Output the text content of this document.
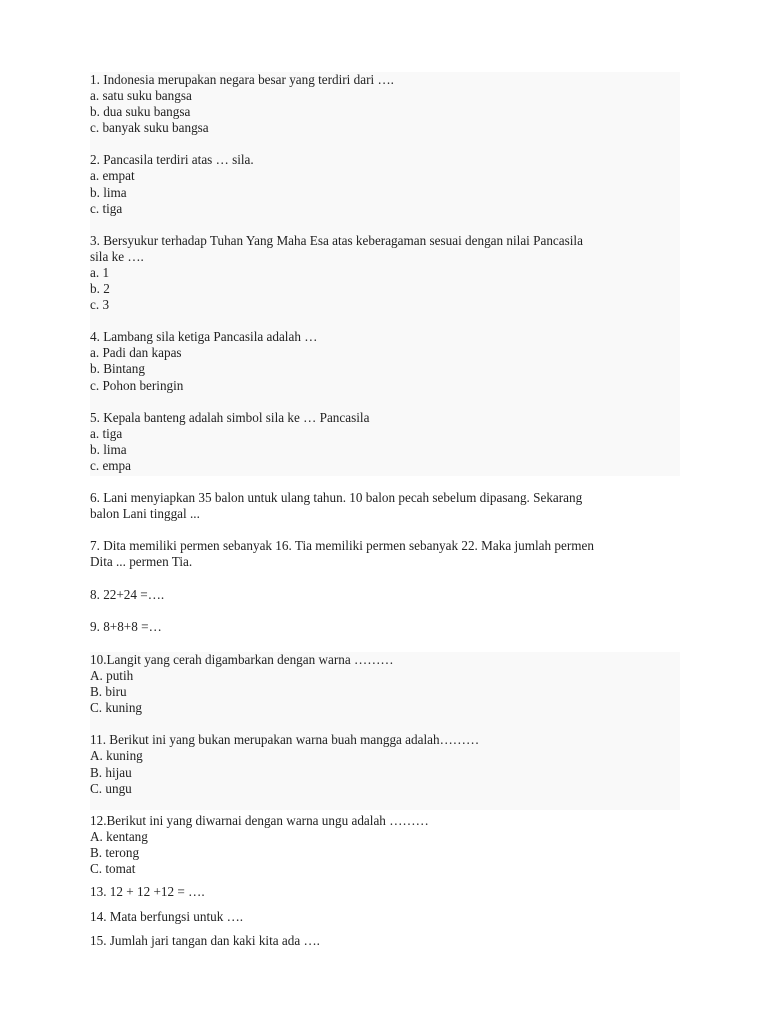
1. Indonesia merupakan negara besar yang terdiri dari ….
a. satu suku bangsa
b. dua suku bangsa
c. banyak suku bangsa
2. Pancasila terdiri atas … sila.
a. empat
b. lima
c. tiga
3. Bersyukur terhadap Tuhan Yang Maha Esa atas keberagaman sesuai dengan nilai Pancasila
sila ke ….
a. 1
b. 2
c. 3
4. Lambang sila ketiga Pancasila adalah …
a. Padi dan kapas
b. Bintang
c. Pohon beringin
5. Kepala banteng adalah simbol sila ke … Pancasila
a. tiga
b. lima
c. empa
6. Lani menyiapkan 35 balon untuk ulang tahun. 10 balon pecah sebelum dipasang. Sekarang
balon Lani tinggal ...
7. Dita memiliki permen sebanyak 16. Tia memiliki permen sebanyak 22. Maka jumlah permen
Dita ... permen Tia.
8. 22+24 =….
9. 8+8+8 =…
10.Langit yang cerah digambarkan dengan warna ………
A. putih
B. biru
C. kuning
11. Berikut ini yang bukan merupakan warna buah mangga adalah………
A. kuning
B. hijau
C. ungu
12.Berikut ini yang diwarnai dengan warna ungu adalah ………
A. kentang
B. terong
C. tomat
13. 12 + 12 +12 = ….
14. Mata berfungsi untuk ….
15. Jumlah jari tangan dan kaki kita ada ….
